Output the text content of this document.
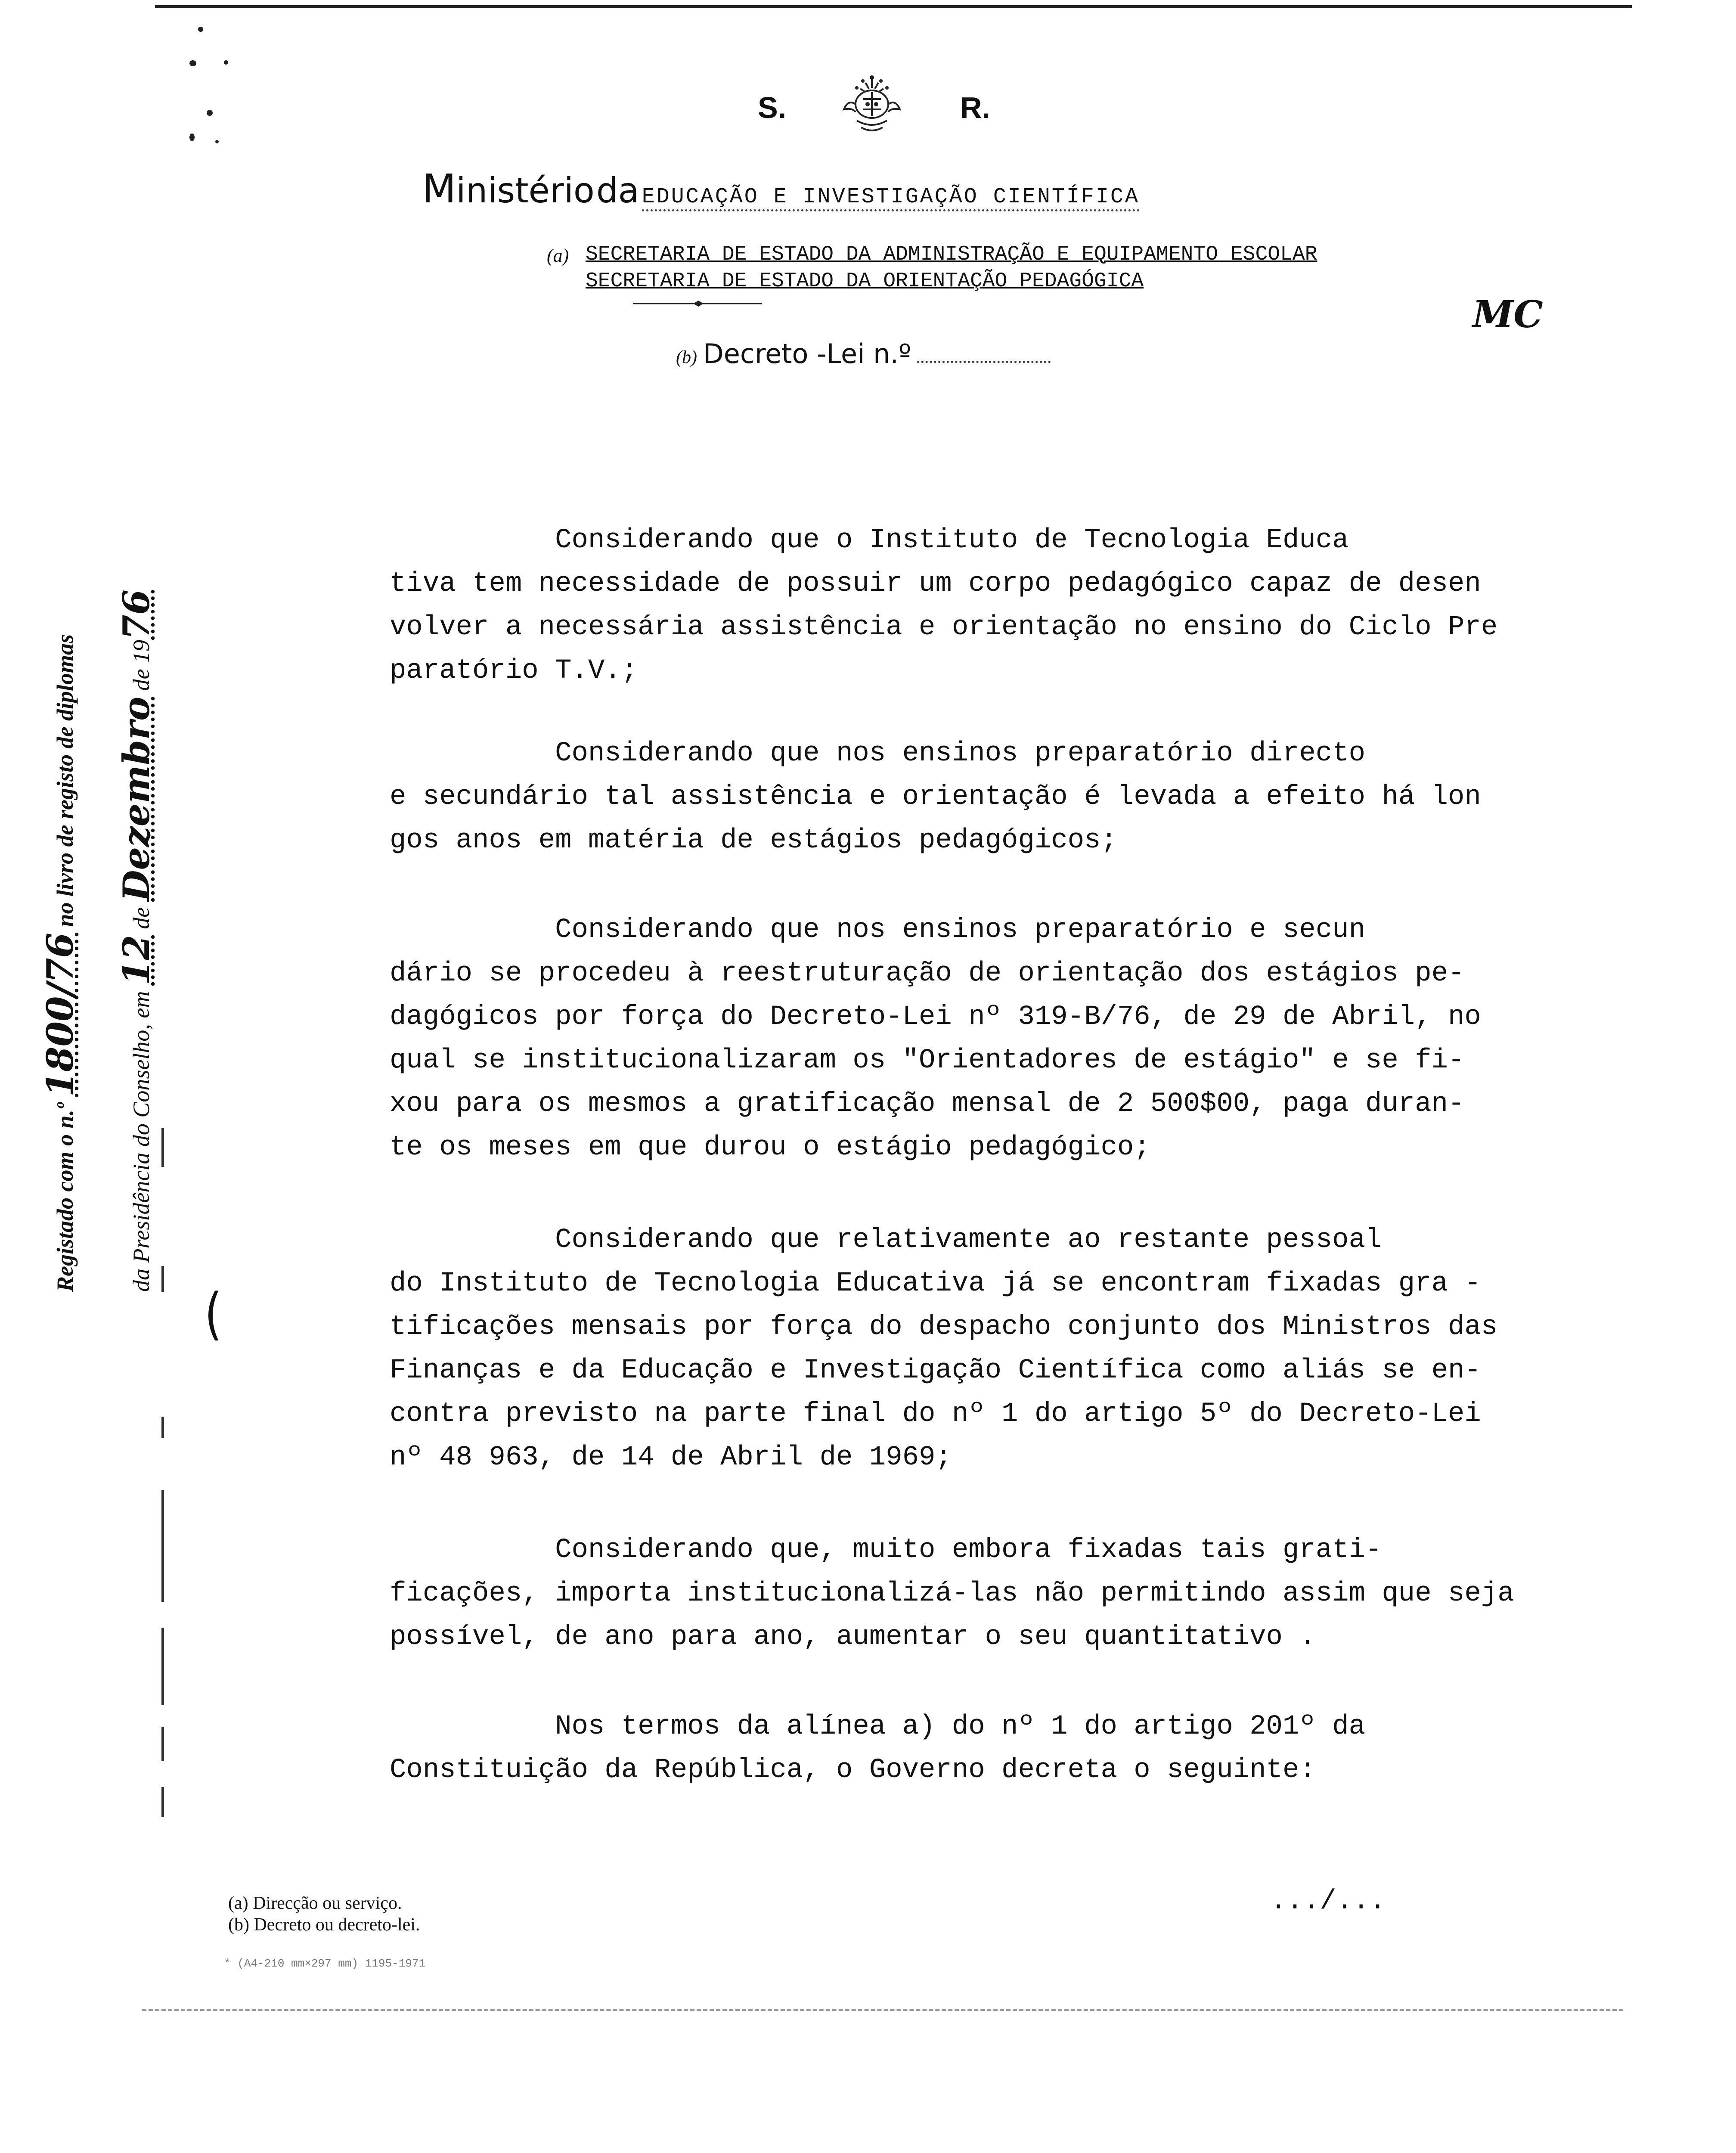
S.	R.
Ministério da EDUCAÇÃO E INVESTIGAÇÃO CIENTÍFICA
(a) SECRETARIA DE ESTADO DA ADMINISTRAÇÃO E EQUIPAMENTO ESCOLAR
SECRETARIA DE ESTADO DA ORIENTAÇÃO PEDAGÓGICA
(b) Decreto -Lei n.º
MC
(
Registado com o n.º 1800/76 no livro de registo de diplomas
da Presidência do Conselho, em 12 de Dezembro de 1976
Considerando que o Instituto de Tecnologia Educa
tiva tem necessidade de possuir um corpo pedagógico capaz de desen
volver a necessária assistência e orientação no ensino do Ciclo Pre
paratório T.V.;
Considerando que nos ensinos preparatório directo
e secundário tal assistência e orientação é levada a efeito há lon
gos anos em matéria de estágios pedagógicos;
Considerando que nos ensinos preparatório e secun
dário se procedeu à reestruturação de orientação dos estágios pe-
dagógicos por força do Decreto-Lei nº 319-B/76, de 29 de Abril, no
qual se institucionalizaram os "Orientadores de estágio" e se fi-
xou para os mesmos a gratificação mensal de 2 500$00, paga duran-
te os meses em que durou o estágio pedagógico;
Considerando que relativamente ao restante pessoal
do Instituto de Tecnologia Educativa já se encontram fixadas gra -
tificações mensais por força do despacho conjunto dos Ministros das
Finanças e da Educação e Investigação Científica como aliás se en-
contra previsto na parte final do nº 1 do artigo 5º do Decreto-Lei
nº 48 963, de 14 de Abril de 1969;
Considerando que, muito embora fixadas tais grati-
ficações, importa institucionalizá-las não permitindo assim que seja
possível, de ano para ano, aumentar o seu quantitativo .
Nos termos da alínea a) do nº 1 do artigo 201º da
Constituição da República, o Governo decreta o seguinte:
(a) Direcção ou serviço.
(b) Decreto ou decreto-lei.
* (A4-210 mm×297 mm) 1195-1971
.../...
